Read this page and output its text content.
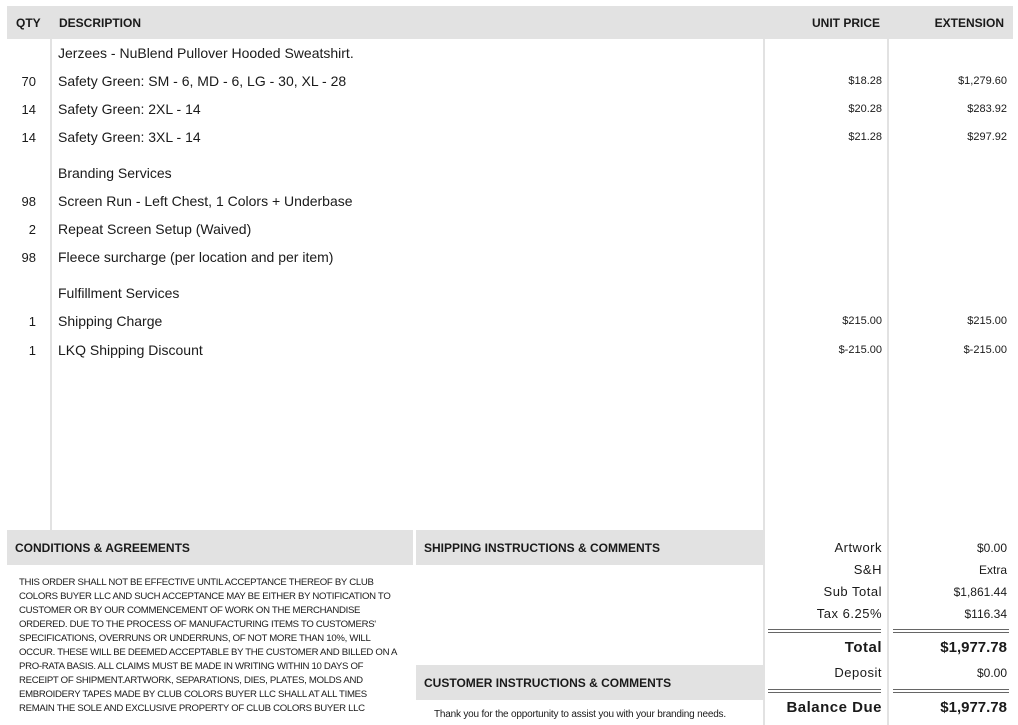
QTY DESCRIPTION	UNIT PRICE	EXTENSION
Jerzees - NuBlend Pullover Hooded Sweatshirt.
70 Safety Green: SM - 6, MD - 6, LG - 30, XL - 28	$18.28	$1,279.60
14 Safety Green: 2XL - 14	$20.28	$283.92
14 Safety Green: 3XL - 14	$21.28	$297.92
Branding Services
98 Screen Run - Left Chest, 1 Colors + Underbase
2 Repeat Screen Setup (Waived)
98 Fleece surcharge (per location and per item)
Fulfillment Services
1 Shipping Charge	$215.00	$215.00
1 LKQ Shipping Discount	$-215.00	$-215.00
CONDITIONS & AGREEMENTS
THIS ORDER SHALL NOT BE EFFECTIVE UNTIL ACCEPTANCE THEREOF BY CLUB
COLORS BUYER LLC AND SUCH ACCEPTANCE MAY BE EITHER BY NOTIFICATION TO
CUSTOMER OR BY OUR COMMENCEMENT OF WORK ON THE MERCHANDISE
ORDERED. DUE TO THE PROCESS OF MANUFACTURING ITEMS TO CUSTOMERS'
SPECIFICATIONS, OVERRUNS OR UNDERRUNS, OF NOT MORE THAN 10%, WILL
OCCUR. THESE WILL BE DEEMED ACCEPTABLE BY THE CUSTOMER AND BILLED ON A
PRO-RATA BASIS. ALL CLAIMS MUST BE MADE IN WRITING WITHIN 10 DAYS OF
RECEIPT OF SHIPMENT.ARTWORK, SEPARATIONS, DIES, PLATES, MOLDS AND
EMBROIDERY TAPES MADE BY CLUB COLORS BUYER LLC SHALL AT ALL TIMES
REMAIN THE SOLE AND EXCLUSIVE PROPERTY OF CLUB COLORS BUYER LLC
SHIPPING INSTRUCTIONS & COMMENTS
CUSTOMER INSTRUCTIONS & COMMENTS
Thank you for the opportunity to assist you with your branding needs.
Artwork	$0.00
S&H	Extra
Sub Total	$1,861.44
Tax 6.25%	$116.34
Total	$1,977.78
Deposit	$0.00
Balance Due	$1,977.78
